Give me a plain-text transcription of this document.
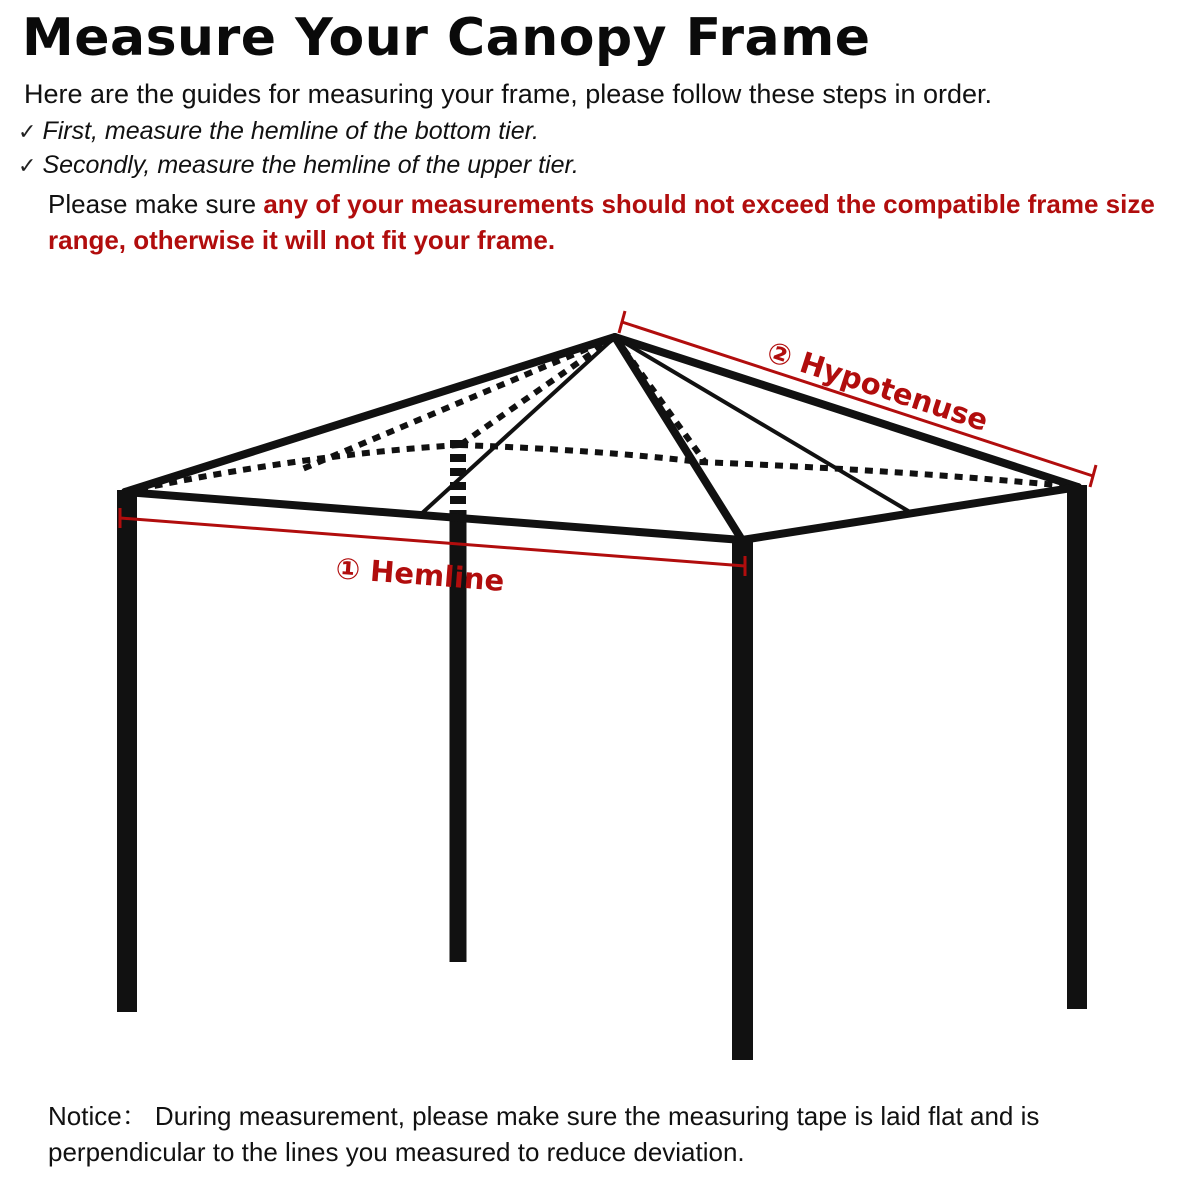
Measure Your Canopy Frame
Here are the guides for measuring your frame, please follow these steps in order.
✓ First, measure the hemline of the bottom tier.
✓ Secondly, measure the hemline of the upper tier.
Please make sure any of your measurements should not exceed the compatible frame size range, otherwise it will not fit your frame.
① Hemline
② Hypotenuse
Notice： During measurement, please make sure the measuring tape is laid flat and is perpendicular to the lines you measured to reduce deviation.
